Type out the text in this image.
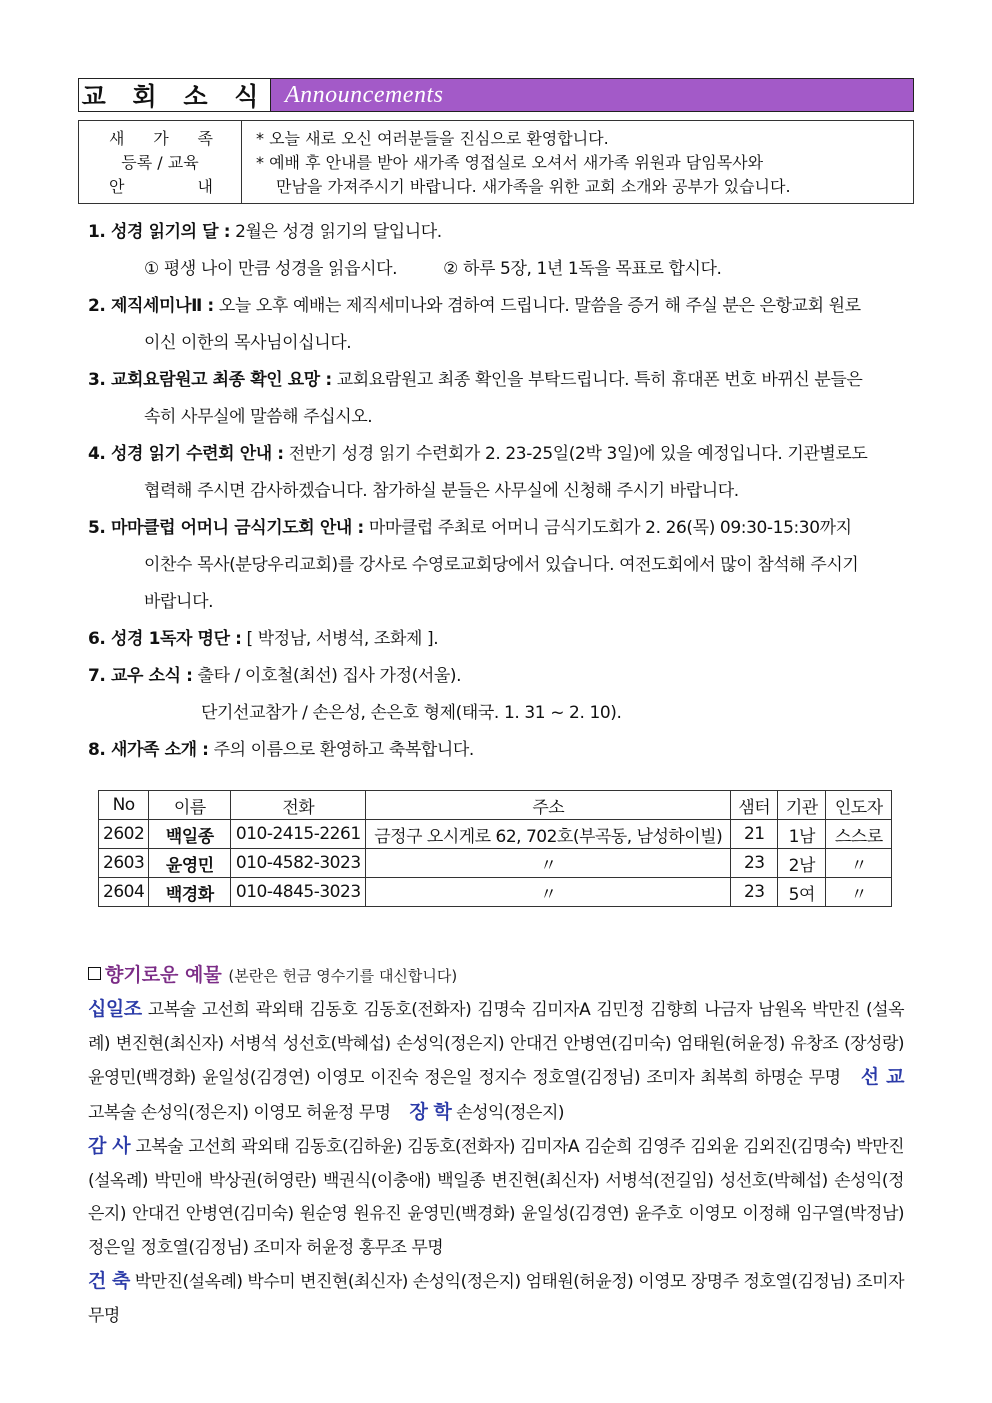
교 회 소 식 Announcements
새 가 족
등록 / 교육
안	내
* 오늘 새로 오신 여러분들을 진심으로 환영합니다.
* 예배 후 안내를 받아 새가족 영접실로 오셔서 새가족 위원과 담임목사와
만남을 가져주시기 바랍니다. 새가족을 위한 교회 소개와 공부가 있습니다.
1. 성경 읽기의 달 : 2월은 성경 읽기의 달입니다.
① 평생 나이 만큼 성경을 읽읍시다.	② 하루 5장, 1년 1독을 목표로 합시다.
2. 제직세미나Ⅱ : 오늘 오후 예배는 제직세미나와 겸하여 드립니다. 말씀을 증거 해 주실 분은 은항교회 원로
이신 이한의 목사님이십니다.
3. 교회요람원고 최종 확인 요망 : 교회요람원고 최종 확인을 부탁드립니다. 특히 휴대폰 번호 바뀌신 분들은
속히 사무실에 말씀해 주십시오.
4. 성경 읽기 수련회 안내 : 전반기 성경 읽기 수련회가 2. 23-25일(2박 3일)에 있을 예정입니다. 기관별로도
협력해 주시면 감사하겠습니다. 참가하실 분들은 사무실에 신청해 주시기 바랍니다.
5. 마마클럽 어머니 금식기도회 안내 : 마마클럽 주최로 어머니 금식기도회가 2. 26(목) 09:30-15:30까지
이찬수 목사(분당우리교회)를 강사로 수영로교회당에서 있습니다. 여전도회에서 많이 참석해 주시기
바랍니다.
6. 성경 1독자 명단 : [ 박정남, 서병석, 조화제 ].
7. 교우 소식 : 출타 / 이호철(최선) 집사 가정(서울).
단기선교참가 / 손은성, 손은호 형제(태국. 1. 31 ~ 2. 10).
8. 새가족 소개 : 주의 이름으로 환영하고 축복합니다.
No	이름	전화	주소	샘터	기관	인도자
2602	백일종	010-2415-2261	금정구 오시게로 62, 702호(부곡동, 남성하이빌)	21	1남	스스로
2603	윤영민	010-4582-3023	〃	23	2남	〃
2604	백경화	010-4845-3023	〃	23	5여	〃
향기로운 예물 (본란은 헌금 영수기를 대신합니다)
십일조 고복술 고선희 곽외태 김동호 김동호(전화자) 김명숙 김미자A 김민정 김향희 나금자 남원옥 박만진 (설옥례) 변진현(최신자) 서병석 성선호(박혜섭) 손성익(정은지) 안대건 안병연(김미숙) 엄태원(허윤정) 유창조 (장성랑) 윤영민(백경화) 윤일성(김경연) 이영모 이진숙 정은일 정지수 정호열(김정님) 조미자 최복희 하명순 무명 선 교 고복술 손성익(정은지) 이영모 허윤정 무명 장 학 손성익(정은지)
감 사 고복술 고선희 곽외태 김동호(김하윤) 김동호(전화자) 김미자A 김순희 김영주 김외윤 김외진(김명숙) 박만진(설옥례) 박민애 박상권(허영란) 백권식(이충애) 백일종 변진현(최신자) 서병석(전길임) 성선호(박혜섭) 손성익(정은지) 안대건 안병연(김미숙) 원순영 원유진 윤영민(백경화) 윤일성(김경연) 윤주호 이영모 이정해 임구열(박정남) 정은일 정호열(김정님) 조미자 허윤정 홍무조 무명
건 축 박만진(설옥례) 박수미 변진현(최신자) 손성익(정은지) 엄태원(허윤정) 이영모 장명주 정호열(김정님) 조미자 무명
